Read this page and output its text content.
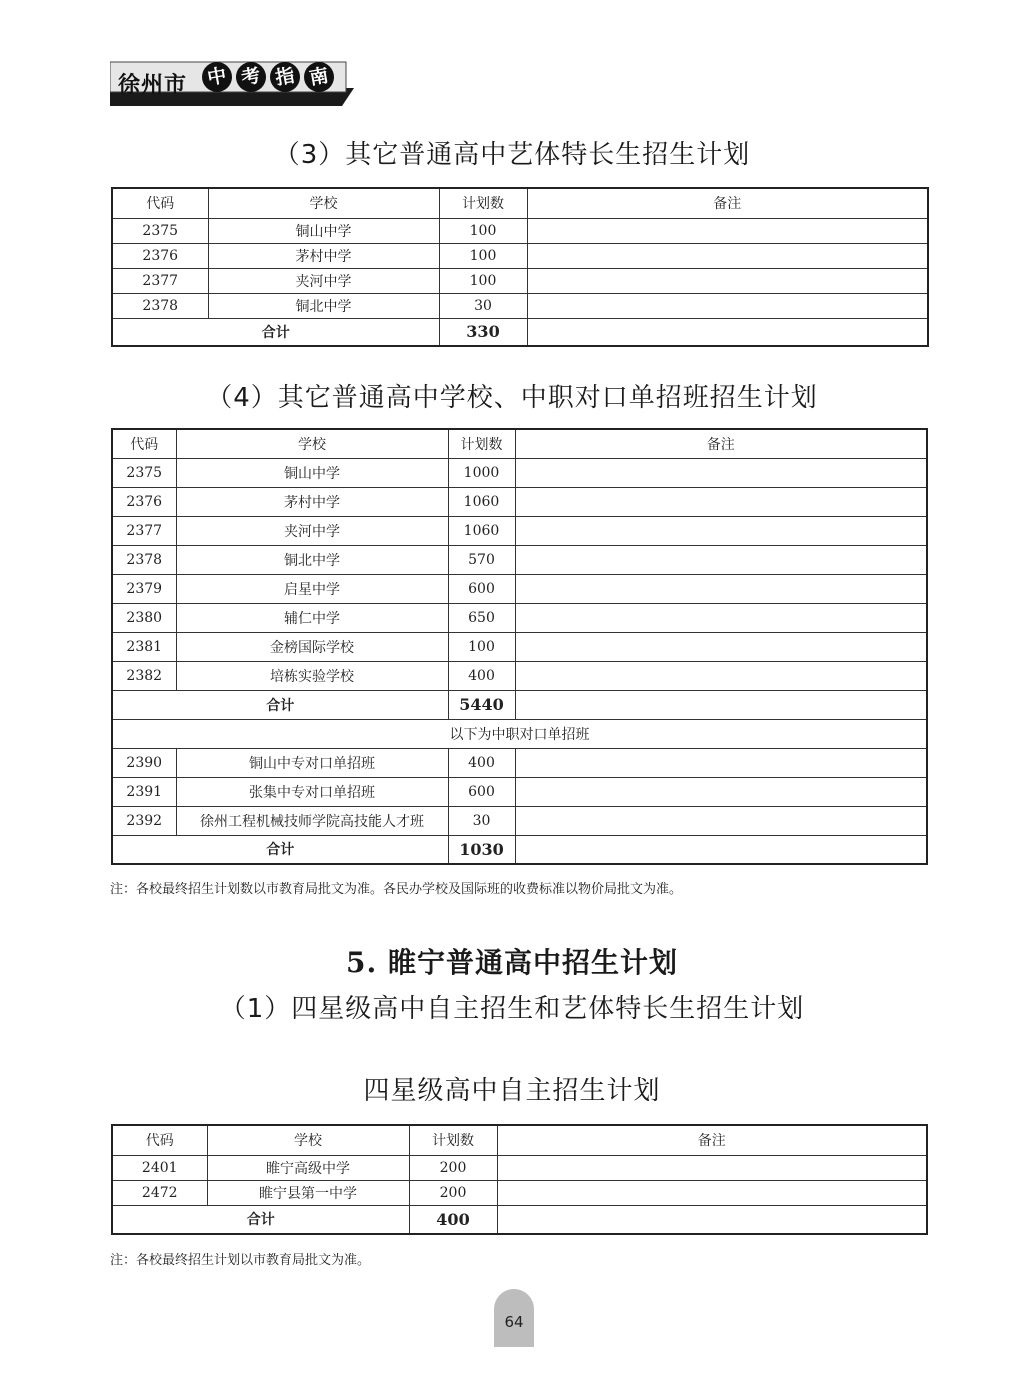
徐州市 中 考 指 南
（3）其它普通高中艺体特长生招生计划
代码	学校	计划数	备注
2375	铜山中学	100	
2376	茅村中学	100	
2377	夹河中学	100	
2378	铜北中学	30	
合计		330	
（4）其它普通高中学校、中职对口单招班招生计划
代码	学校	计划数	备注
2375	铜山中学	1000	
2376	茅村中学	1060	
2377	夹河中学	1060	
2378	铜北中学	570	
2379	启星中学	600	
2380	辅仁中学	650	
2381	金榜国际学校	100	
2382	培栋实验学校	400	
合计		5440	
以下为中职对口单招班			
2390	铜山中专对口单招班	400	
2391	张集中专对口单招班	600	
2392	徐州工程机械技师学院高技能人才班	30	
合计		1030	
注：各校最终招生计划数以市教育局批文为准。各民办学校及国际班的收费标准以物价局批文为准。
5. 睢宁普通高中招生计划
（1）四星级高中自主招生和艺体特长生招生计划
四星级高中自主招生计划
代码	学校	计划数	备注
2401	睢宁高级中学	200	
2472	睢宁县第一中学	200	
合计		400	
注：各校最终招生计划以市教育局批文为准。
64
